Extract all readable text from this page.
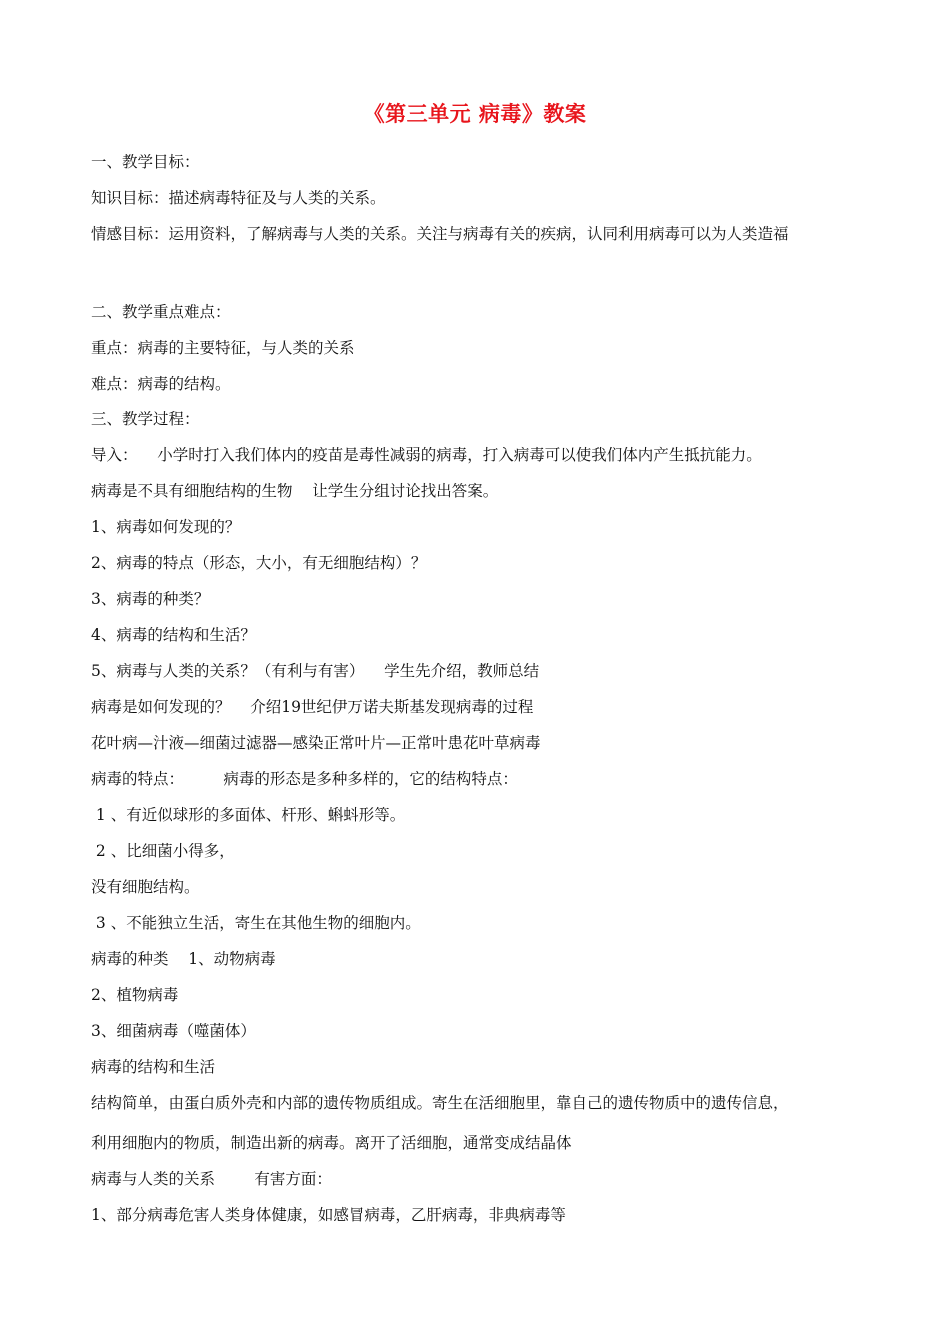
《第三单元 病毒》教案
一、教学目标：
知识目标：描述病毒特征及与人类的关系。
情感目标：运用资料，了解病毒与人类的关系。关注与病毒有关的疾病，认同利用病毒可以为人类造福
二、教学重点难点：
重点：病毒的主要特征，与人类的关系
难点：病毒的结构。
三、教学过程：
导入：    小学时打入我们体内的疫苗是毒性减弱的病毒，打入病毒可以使我们体内产生抵抗能力。
病毒是不具有细胞结构的生物    让学生分组讨论找出答案。
1、病毒如何发现的？
2、病毒的特点（形态，大小，有无细胞结构）？
3、病毒的种类？
4、病毒的结构和生活？
5、病毒与人类的关系？（有利与有害）    学生先介绍，教师总结
病毒是如何发现的？    介绍19世纪伊万诺夫斯基发现病毒的过程
花叶病—汁液—细菌过滤器—感染正常叶片—正常叶患花叶草病毒
病毒的特点：        病毒的形态是多种多样的，它的结构特点：
1 、有近似球形的多面体、杆形、蝌蚪形等。
2 、比细菌小得多，
没有细胞结构。
3 、不能独立生活，寄生在其他生物的细胞内。
病毒的种类    1、动物病毒
2、植物病毒
3、细菌病毒（噬菌体）
病毒的结构和生活
结构简单，由蛋白质外壳和内部的遗传物质组成。寄生在活细胞里，靠自己的遗传物质中的遗传信息，
利用细胞内的物质，制造出新的病毒。离开了活细胞，通常变成结晶体
病毒与人类的关系        有害方面：
1、部分病毒危害人类身体健康，如感冒病毒，乙肝病毒，非典病毒等
